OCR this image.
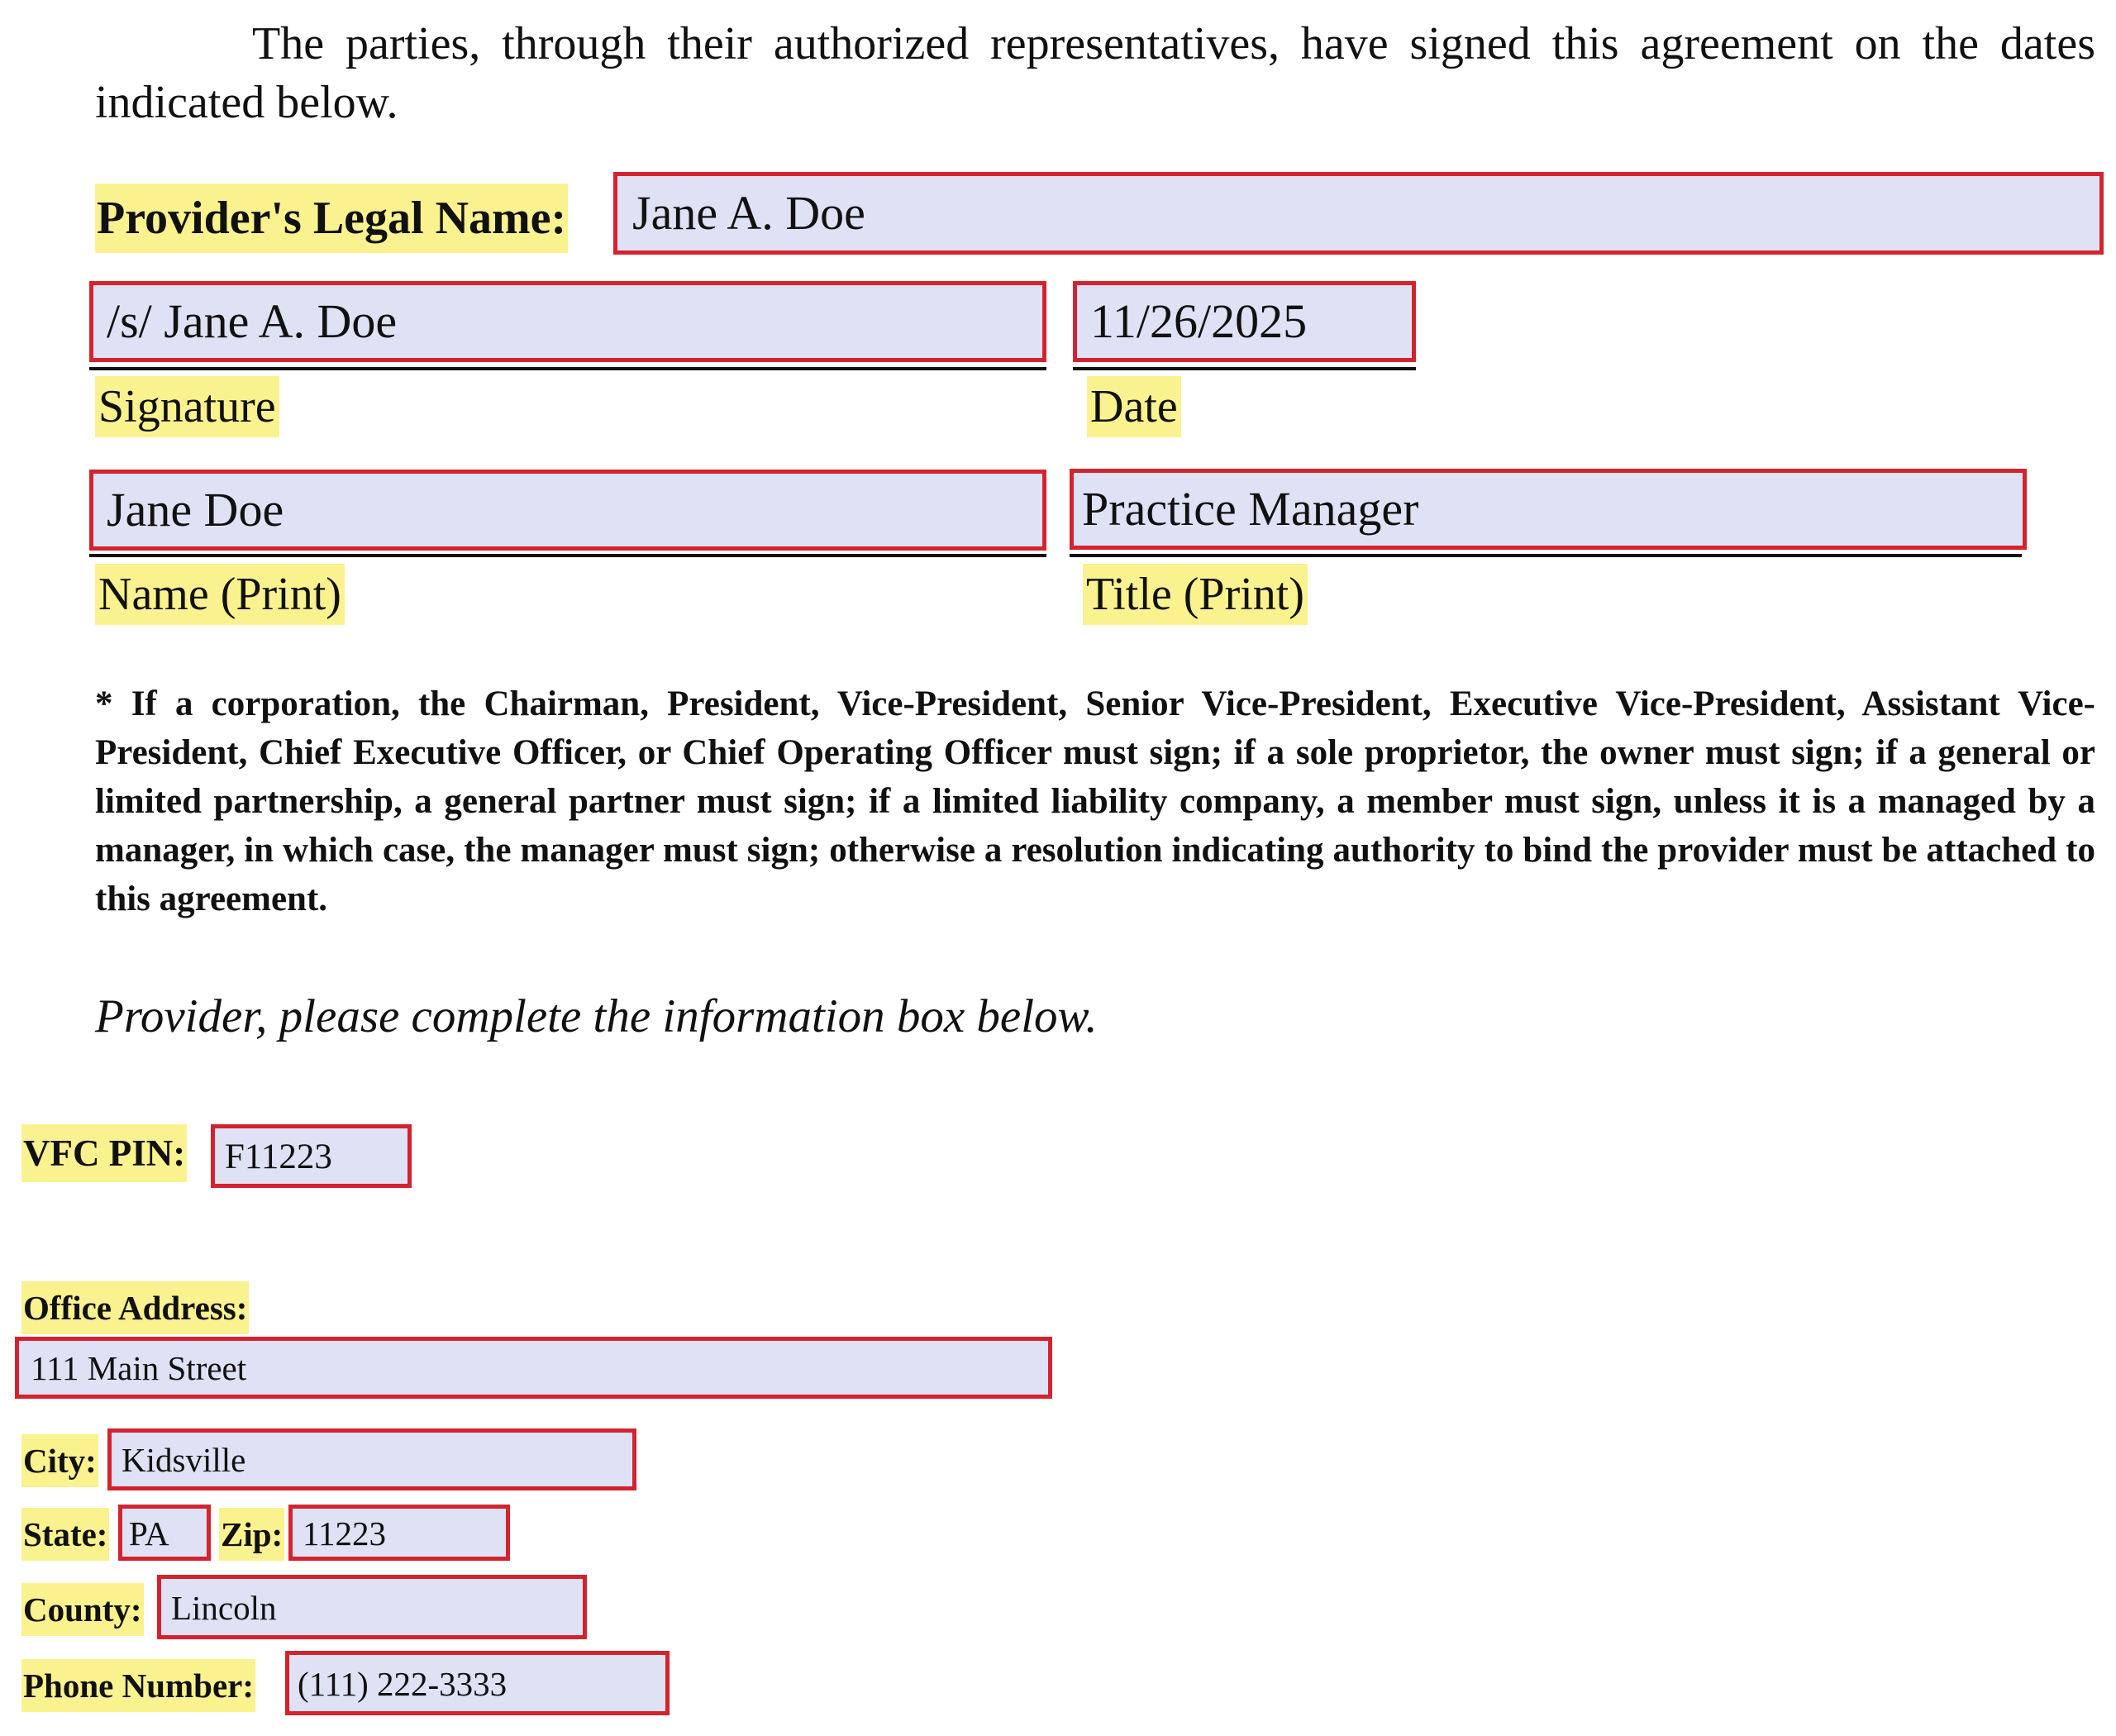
The parties, through their authorized representatives, have signed this agreement on the dates indicated below.
Provider's Legal Name:	Jane A. Doe
/s/ Jane A. Doe
Signature
11/26/2025
Date
Jane Doe
Name (Print)
Practice Manager
Title (Print)
* If a corporation, the Chairman, President, Vice-President, Senior Vice-President, Executive Vice-President, Assistant Vice-President, Chief Executive Officer, or Chief Operating Officer must sign; if a sole proprietor, the owner must sign; if a general or limited partnership, a general partner must sign; if a limited liability company, a member must sign, unless it is a managed by a manager, in which case, the manager must sign; otherwise a resolution indicating authority to bind the provider must be attached to this agreement.
Provider, please complete the information box below.
VFC PIN:	F11223
Office Address:
111 Main Street
City: Kidsville
State: PA	Zip: 11223
County: Lincoln
Phone Number:	(111) 222-3333
